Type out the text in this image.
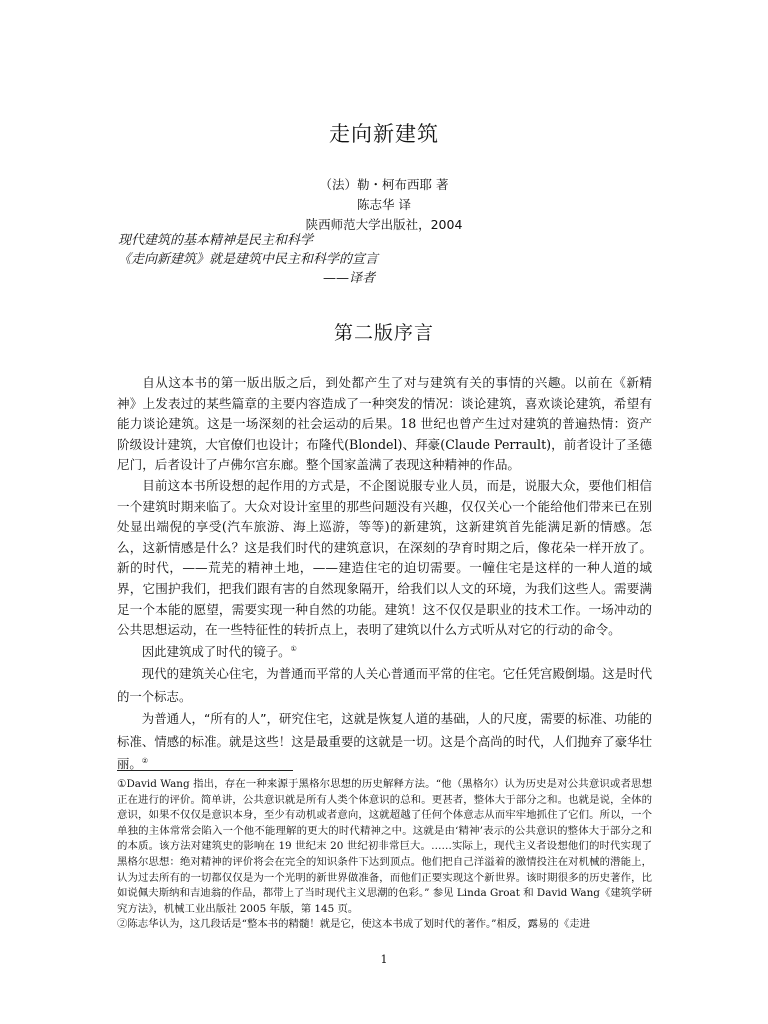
走向新建筑
（法）勒・柯布西耶 著
陈志华 译
陕西师范大学出版社，2004
现代建筑的基本精神是民主和科学
《走向新建筑》就是建筑中民主和科学的宣言
——译者
第二版序言

自从这本书的第一版出版之后，到处都产生了对与建筑有关的事情的兴趣。以前在《新精神》上发表过的某些篇章的主要内容造成了一种突发的情况：谈论建筑，喜欢谈论建筑，希望有能力谈论建筑。这是一场深刻的社会运动的后果。18 世纪也曾产生过对建筑的普遍热情：资产阶级设计建筑，大官僚们也设计；布隆代(Blondel)、拜豪(Claude Perrault)，前者设计了圣德尼门，后者设计了卢佛尔宫东廊。整个国家盖满了表现这种精神的作品。

目前这本书所设想的起作用的方式是，不企图说服专业人员，而是，说服大众，要他们相信一个建筑时期来临了。大众对设计室里的那些问题没有兴趣，仅仅关心一个能给他们带来已在别处显出端倪的享受(汽车旅游、海上巡游，等等)的新建筑，这新建筑首先能满足新的情感。怎么，这新情感是什么？这是我们时代的建筑意识，在深刻的孕育时期之后，像花朵一样开放了。新的时代，——荒芜的精神土地，——建造住宅的迫切需要。一幢住宅是这样的一种人道的域界，它围护我们，把我们跟有害的自然现象隔开，给我们以人文的环境，为我们这些人。需要满足一个本能的愿望，需要实现一种自然的功能。建筑！这不仅仅是职业的技术工作。一场冲动的公共思想运动，在一些特征性的转折点上，表明了建筑以什么方式听从对它的行动的命令。

因此建筑成了时代的镜子。①

现代的建筑关心住宅，为普通而平常的人关心普通而平常的住宅。它任凭宫殿倒塌。这是时代的一个标志。

为普通人，“所有的人”，研究住宅，这就是恢复人道的基础，人的尺度，需要的标准、功能的标准、情感的标准。就是这些！这是最重要的这就是一切。这是个高尚的时代，人们抛弃了豪华壮丽。②

①David Wang 指出，存在一种来源于黑格尔思想的历史解释方法。“他（黑格尔）认为历史是对公共意识或者思想正在进行的评价。简单讲，公共意识就是所有人类个体意识的总和。更甚者，整体大于部分之和。也就是说，全体的意识，如果不仅仅是意识本身，至少有动机或者意向，这就超越了任何个体意志从而牢牢地抓住了它们。所以，一个单独的主体常常会陷入一个他不能理解的更大的时代精神之中。这就是由‘精神’表示的公共意识的整体大于部分之和的本质。该方法对建筑史的影响在 19 世纪末 20 世纪初非常巨大。……实际上，现代主义者设想他们的时代实现了黑格尔思想：绝对精神的评价将会在完全的知识条件下达到顶点。他们把自己洋溢着的激情投注在对机械的潜能上，认为过去所有的一切都仅仅是为一个光明的新世界做准备，而他们正要实现这个新世界。该时期很多的历史著作，比如说佩夫斯纳和吉迪翁的作品，都带上了当时现代主义思潮的色彩。” 参见 Linda Groat 和 David Wang《建筑学研究方法》，机械工业出版社 2005 年版，第 145 页。

②陈志华认为，这几段话是“整本书的精髓！就是它，使这本书成了划时代的著作。”相反，露易的《走进

1
